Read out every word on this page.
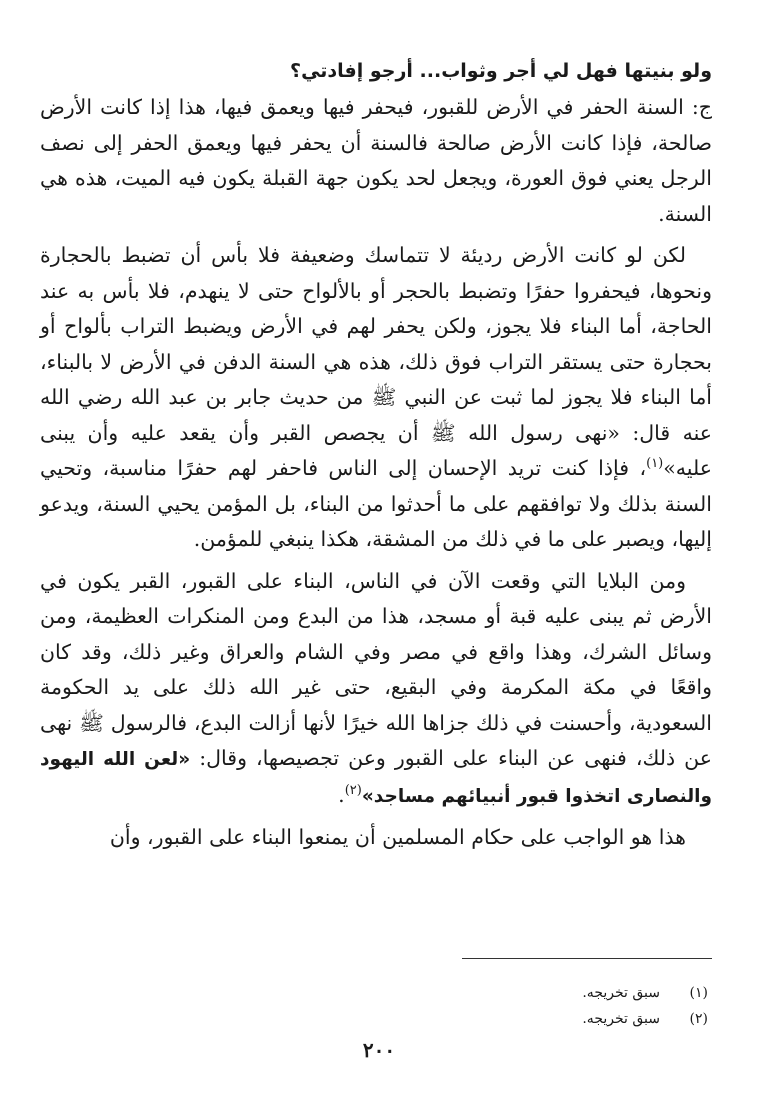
ولو بنيتها فهل لي أجر وثواب... أرجو إفادتي؟

ج: السنة الحفر في الأرض للقبور، فيحفر فيها ويعمق فيها، هذا إذا كانت الأرض صالحة، فإذا كانت الأرض صالحة فالسنة أن يحفر فيها ويعمق الحفر إلى نصف الرجل يعني فوق العورة، ويجعل لحد يكون جهة القبلة يكون فيه الميت، هذه هي السنة.

لكن لو كانت الأرض رديئة لا تتماسك وضعيفة فلا بأس أن تضبط بالحجارة ونحوها، فيحفروا حفرًا وتضبط بالحجر أو بالألواح حتى لا ينهدم، فلا بأس به عند الحاجة، أما البناء فلا يجوز، ولكن يحفر لهم في الأرض ويضبط التراب بألواح أو بحجارة حتى يستقر التراب فوق ذلك، هذه هي السنة الدفن في الأرض لا بالبناء، أما البناء فلا يجوز لما ثبت عن النبي ﷺ من حديث جابر بن عبد الله رضي الله عنه قال: «نهى رسول الله ﷺ أن يجصص القبر وأن يقعد عليه وأن يبنى عليه»$^{(١)}$، فإذا كنت تريد الإحسان إلى الناس فاحفر لهم حفرًا مناسبة، وتحيي السنة بذلك ولا توافقهم على ما أحدثوا من البناء، بل المؤمن يحيي السنة، ويدعو إليها، ويصبر على ما في ذلك من المشقة، هكذا ينبغي للمؤمن.

ومن البلايا التي وقعت الآن في الناس، البناء على القبور، القبر يكون في الأرض ثم يبنى عليه قبة أو مسجد، هذا من البدع ومن المنكرات العظيمة، ومن وسائل الشرك، وهذا واقع في مصر وفي الشام والعراق وغير ذلك، وقد كان واقعًا في مكة المكرمة وفي البقيع، حتى غير الله ذلك على يد الحكومة السعودية، وأحسنت في ذلك جزاها الله خيرًا لأنها أزالت البدع، فالرسول ﷺ نهى عن ذلك، فنهى عن البناء على القبور وعن تجصيصها، وقال: «لعن الله اليهود والنصارى اتخذوا قبور أنبيائهم مساجد»$^{(٢)}$.

هذا هو الواجب على حكام المسلمين أن يمنعوا البناء على القبور، وأن

(١)
سبق تخريجه.
(٢)
سبق تخريجه.
٢٠٠
